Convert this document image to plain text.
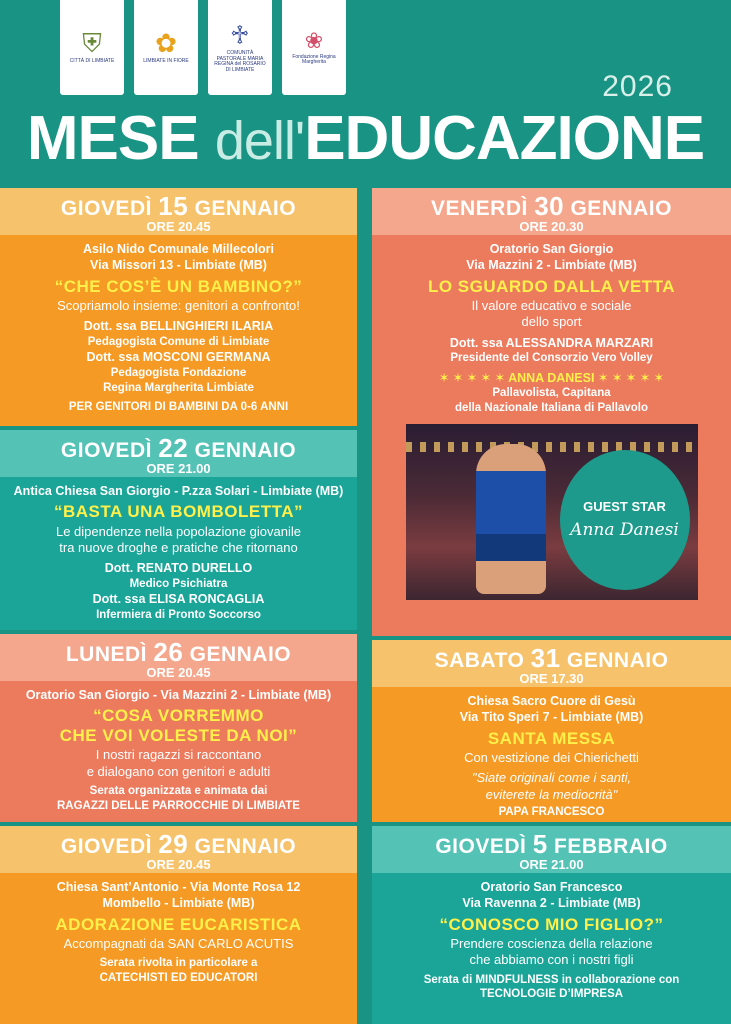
⛨
CITTÀ DI LIMBIATE
✿
LIMBIATE IN FIORE
♱
COMUNITÀ PASTORALE MARIA REGINA del ROSARIO DI LIMBIATE
❀
Fondazione Regina Margherita
2026
MESE dell'EDUCAZIONE
GIOVEDÌ 15 GENNAIO
ORE 20.45
Asilo Nido Comunale Millecolori
Via Missori 13 - Limbiate (MB)
“CHE COS’È UN BAMBINO?”
Scopriamolo insieme: genitori a confronto!
Dott. ssa BELLINGHIERI ILARIA
Pedagogista Comune di Limbiate
Dott. ssa MOSCONI GERMANA
Pedagogista Fondazione
Regina Margherita Limbiate
PER GENITORI DI BAMBINI DA 0-6 ANNI
VENERDÌ 30 GENNAIO
ORE 20.30
Oratorio San Giorgio
Via Mazzini 2 - Limbiate (MB)
LO SGUARDO DALLA VETTA
Il valore educativo e sociale
dello sport
Dott. ssa ALESSANDRA MARZARI
Presidente del Consorzio Vero Volley
✶ ✶ ✶ ✶ ✶ ANNA DANESI ✶ ✶ ✶ ✶ ✶
Pallavolista, Capitana
della Nazionale Italiana di Pallavolo
GUEST STAR
Anna Danesi
GIOVEDÌ 22 GENNAIO
ORE 21.00
Antica Chiesa San Giorgio - P.zza Solari - Limbiate (MB)
“BASTA UNA BOMBOLETTA”
Le dipendenze nella popolazione giovanile
tra nuove droghe e pratiche che ritornano
Dott. RENATO DURELLO
Medico Psichiatra
Dott. ssa ELISA RONCAGLIA
Infermiera di Pronto Soccorso
LUNEDÌ 26 GENNAIO
ORE 20.45
Oratorio San Giorgio - Via Mazzini 2 - Limbiate (MB)
“COSA VORREMMO
CHE VOI VOLESTE DA NOI”
I nostri ragazzi si raccontano
e dialogano con genitori e adulti
Serata organizzata e animata dai
RAGAZZI DELLE PARROCCHIE DI LIMBIATE
SABATO 31 GENNAIO
ORE 17.30
Chiesa Sacro Cuore di Gesù
Via Tito Speri 7 - Limbiate (MB)
SANTA MESSA
Con vestizione dei Chierichetti
"Siate originali come i santi,
eviterete la mediocrità"
PAPA FRANCESCO
GIOVEDÌ 29 GENNAIO
ORE 20.45
Chiesa Sant’Antonio - Via Monte Rosa 12
Mombello - Limbiate (MB)
ADORAZIONE EUCARISTICA
Accompagnati da SAN CARLO ACUTIS
Serata rivolta in particolare a
CATECHISTI ED EDUCATORI
GIOVEDÌ 5 FEBBRAIO
ORE 21.00
Oratorio San Francesco
Via Ravenna 2 - Limbiate (MB)
“CONOSCO MIO FIGLIO?”
Prendere coscienza della relazione
che abbiamo con i nostri figli
Serata di MINDFULNESS in collaborazione con
TECNOLOGIE D’IMPRESA
